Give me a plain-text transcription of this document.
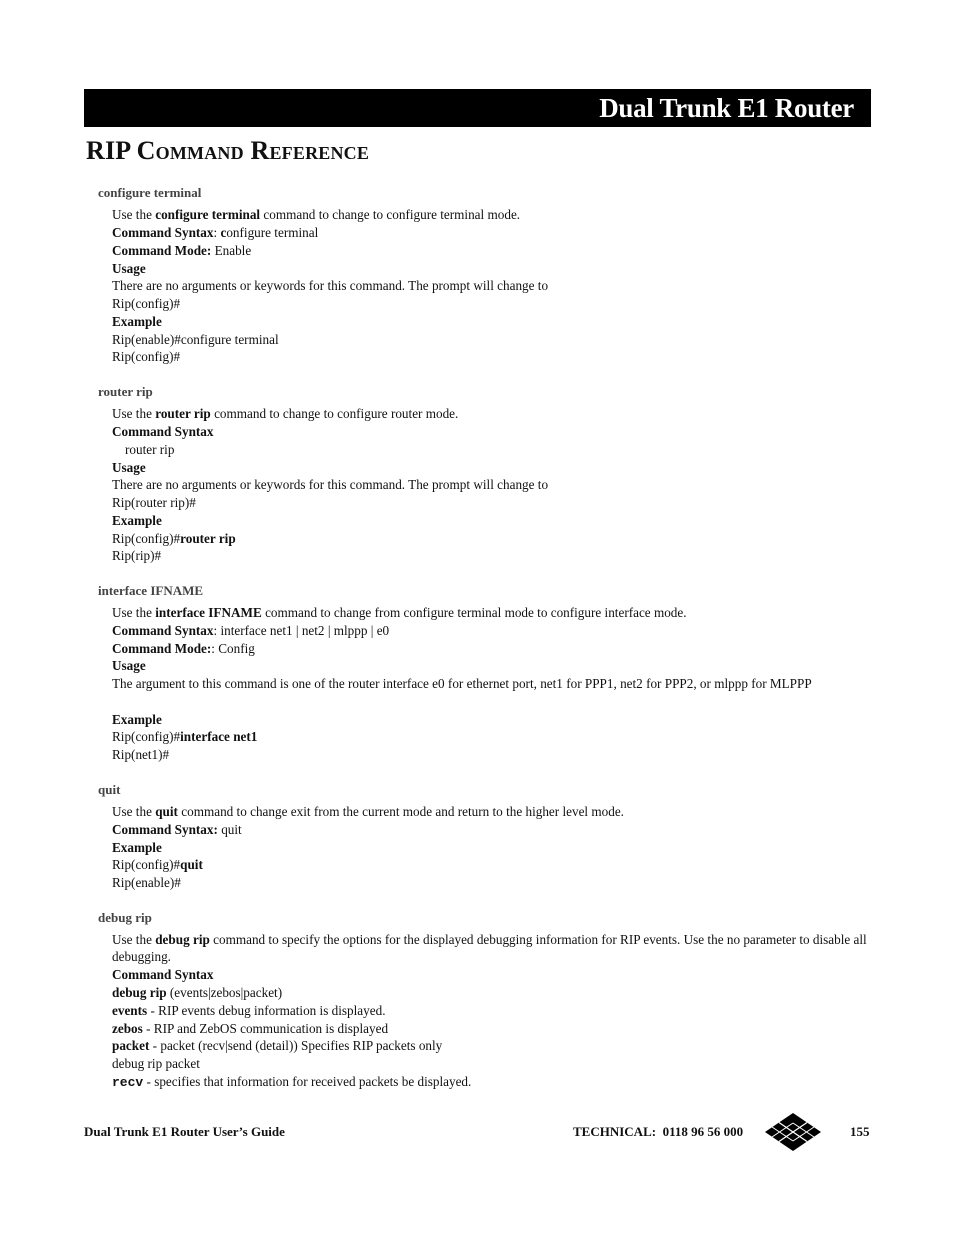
Dual Trunk E1 Router
RIP Command Reference
configure terminal
Use the configure terminal command to change to configure terminal mode.
Command Syntax: configure terminal
Command Mode: Enable
Usage
There are no arguments or keywords for this command. The prompt will change to
Rip(config)#
Example
Rip(enable)#configure terminal
Rip(config)#
router rip
Use the router rip command to change to configure router mode.
Command Syntax
router rip
Usage
There are no arguments or keywords for this command. The prompt will change to
Rip(router rip)#
Example
Rip(config)#router rip
Rip(rip)#
interface IFNAME
Use the interface IFNAME command to change from configure terminal mode to configure interface mode.
Command Syntax: interface net1 | net2 | mlppp | e0
Command Mode:: Config
Usage
The argument to this command is one of the router interface e0 for ethernet port, net1 for PPP1, net2 for PPP2, or mlppp for MLPPP
Example
Rip(config)#interface net1
Rip(net1)#
quit
Use the quit command to change exit from the current mode and return to the higher level mode.
Command Syntax: quit
Example
Rip(config)#quit
Rip(enable)#
debug rip
Use the debug rip command to specify the options for the displayed debugging information for RIP events. Use the no parameter to disable all debugging.
Command Syntax
debug rip (events|zebos|packet)
events - RIP events debug information is displayed.
zebos - RIP and ZebOS communication is displayed
packet - packet (recv|send (detail)) Specifies RIP packets only
debug rip packet
recv - specifies that information for received packets be displayed.
Dual Trunk E1 Router User’s Guide	TECHNICAL:  0118 96 56 000	155
